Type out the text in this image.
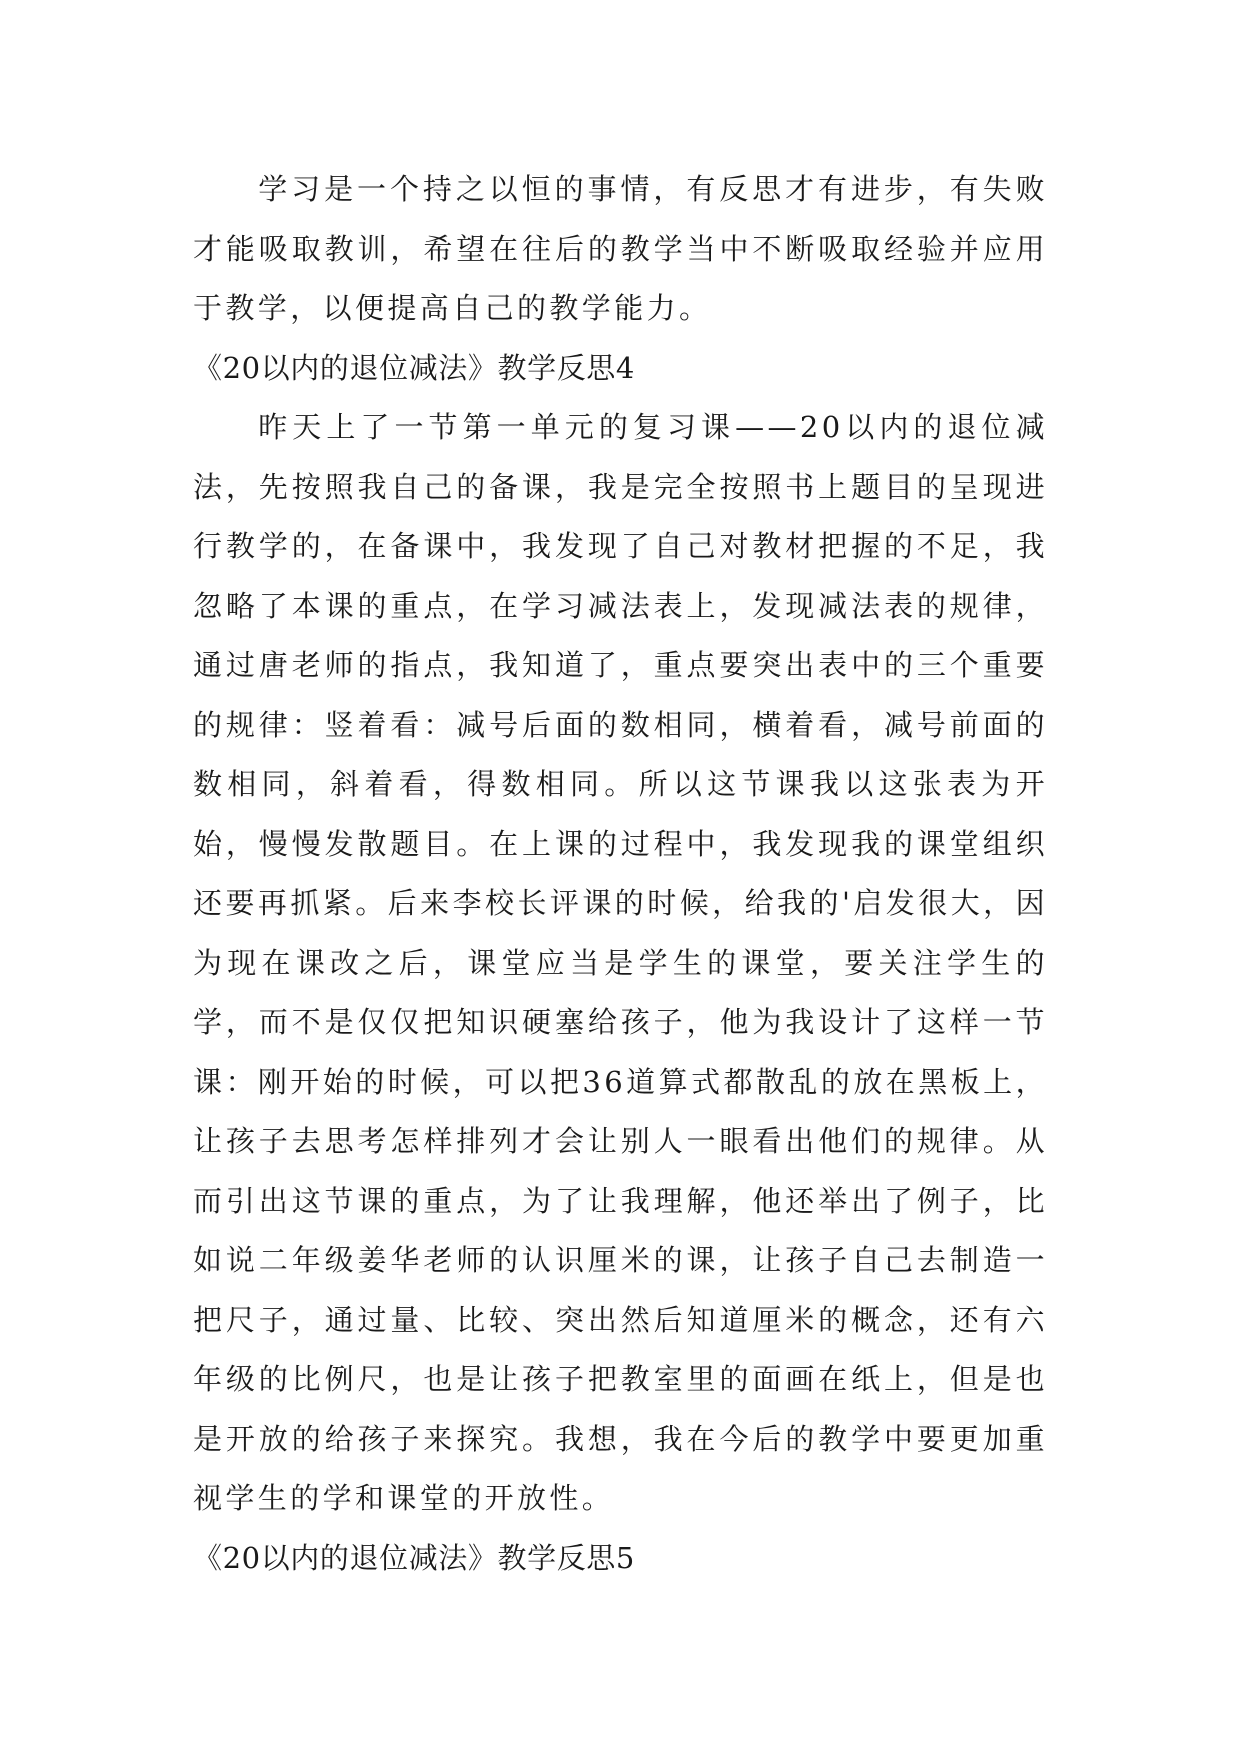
学习是一个持之以恒的事情，有反思才有进步，有失败才能吸取教训，希望在往后的教学当中不断吸取经验并应用于教学，以便提高自己的教学能力。

《20以内的退位减法》教学反思4

昨天上了一节第一单元的复习课——20以内的退位减法，先按照我自己的备课，我是完全按照书上题目的呈现进行教学的，在备课中，我发现了自己对教材把握的不足，我忽略了本课的重点，在学习减法表上，发现减法表的规律，通过唐老师的指点，我知道了，重点要突出表中的三个重要的规律：竖着看：减号后面的数相同，横着看，减号前面的数相同，斜着看，得数相同。所以这节课我以这张表为开始，慢慢发散题目。在上课的过程中，我发现我的课堂组织还要再抓紧。后来李校长评课的时候，给我的'启发很大，因为现在课改之后，课堂应当是学生的课堂，要关注学生的学，而不是仅仅把知识硬塞给孩子，他为我设计了这样一节课：刚开始的时候，可以把36道算式都散乱的放在黑板上，让孩子去思考怎样排列才会让别人一眼看出他们的规律。从而引出这节课的重点，为了让我理解，他还举出了例子，比如说二年级姜华老师的认识厘米的课，让孩子自己去制造一把尺子，通过量、比较、突出然后知道厘米的概念，还有六年级的比例尺，也是让孩子把教室里的面画在纸上，但是也是开放的给孩子来探究。我想，我在今后的教学中要更加重视学生的学和课堂的开放性。

《20以内的退位减法》教学反思5
